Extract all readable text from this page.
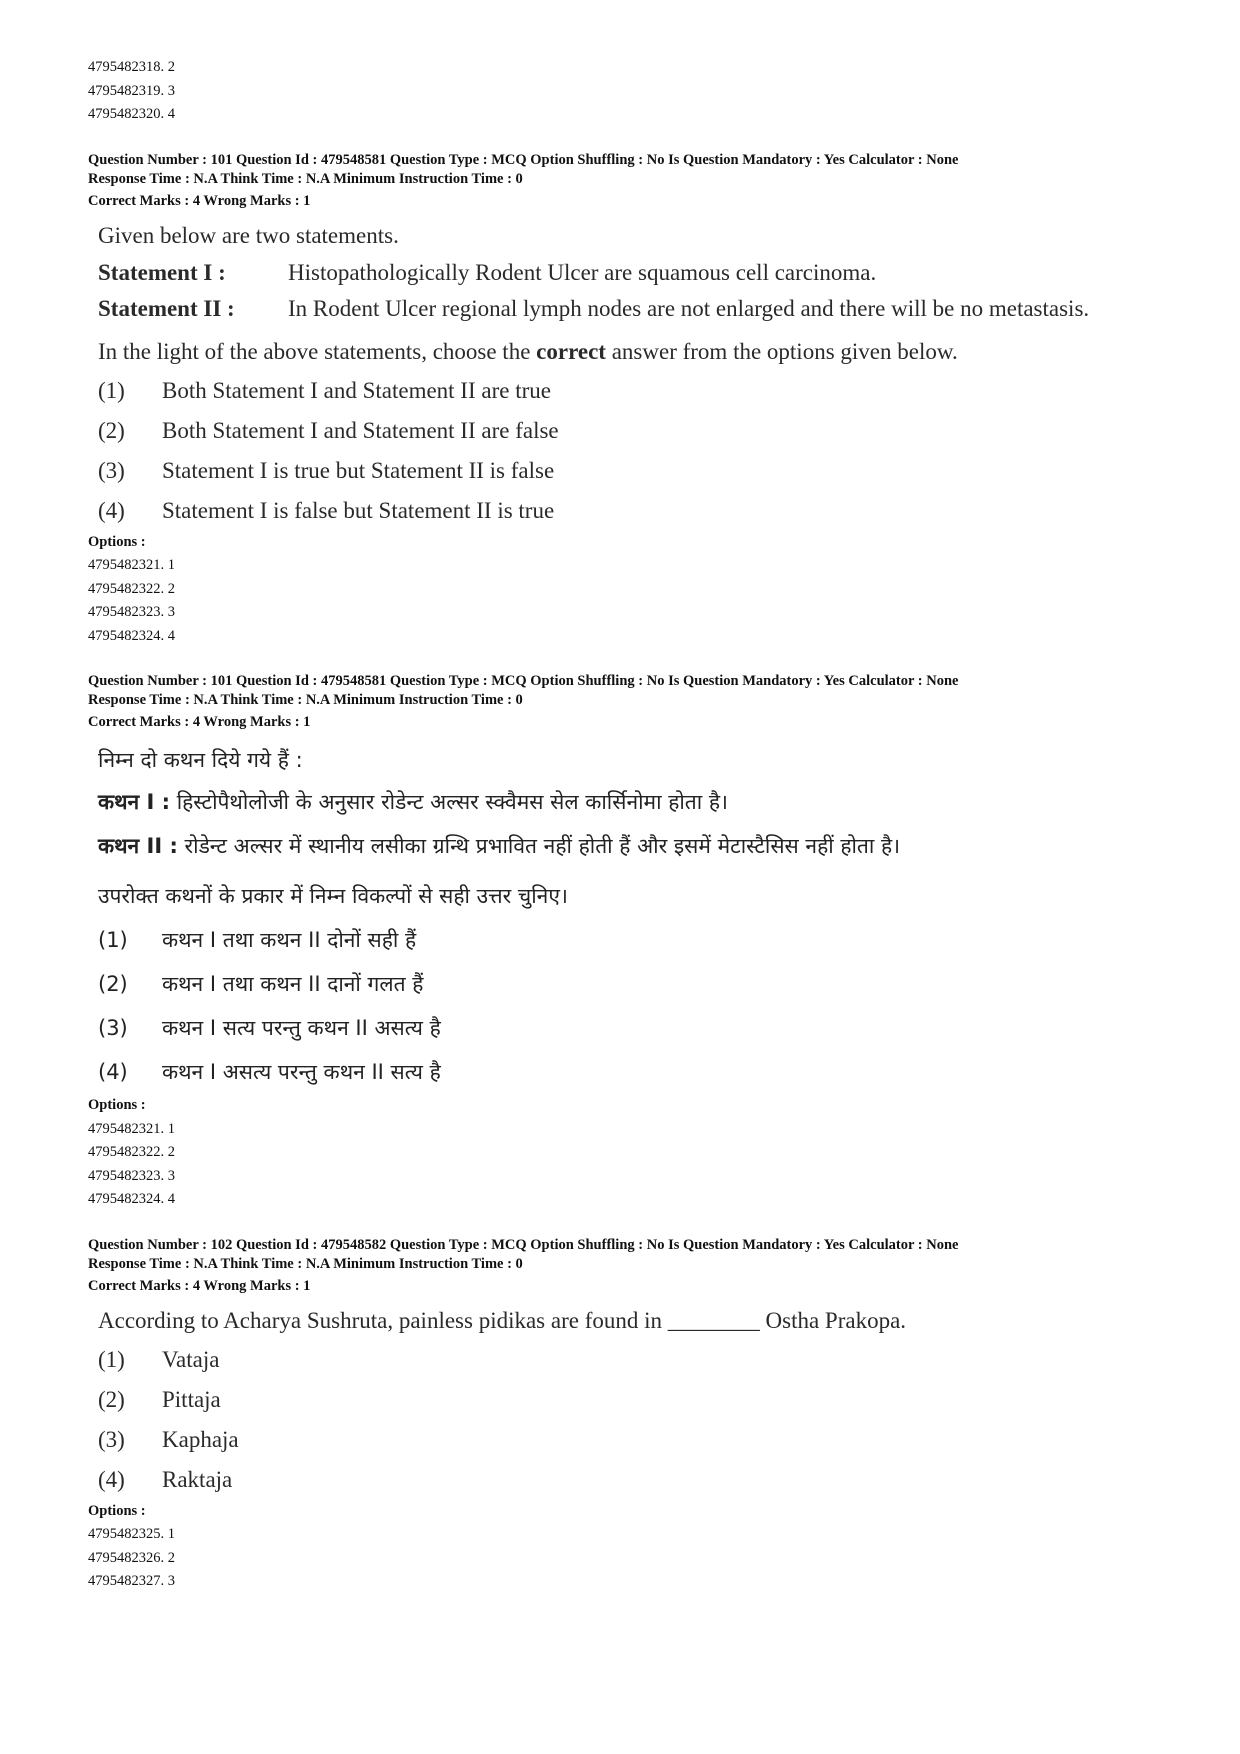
4795482318. 2
4795482319. 3
4795482320. 4
Question Number : 101 Question Id : 479548581 Question Type : MCQ Option Shuffling : No Is Question Mandatory : Yes Calculator : None
Response Time : N.A Think Time : N.A Minimum Instruction Time : 0
Correct Marks : 4 Wrong Marks : 1
Given below are two statements.
Statement I :	Histopathologically Rodent Ulcer are squamous cell carcinoma.
Statement II :	In Rodent Ulcer regional lymph nodes are not enlarged and there will be no metastasis.
In the light of the above statements, choose the correct answer from the options given below.
(1)	Both Statement I and Statement II are true
(2)	Both Statement I and Statement II are false
(3)	Statement I is true but Statement II is false
(4)	Statement I is false but Statement II is true
Options :
4795482321. 1
4795482322. 2
4795482323. 3
4795482324. 4
Question Number : 101 Question Id : 479548581 Question Type : MCQ Option Shuffling : No Is Question Mandatory : Yes Calculator : None
Response Time : N.A Think Time : N.A Minimum Instruction Time : 0
Correct Marks : 4 Wrong Marks : 1
निम्न दो कथन दिये गये हैं :
कथन I : हिस्टोपैथोलोजी के अनुसार रोडेन्ट अल्सर स्क्वैमस सेल कार्सिनोमा होता है।
कथन II : रोडेन्ट अल्सर में स्थानीय लसीका ग्रन्थि प्रभावित नहीं होती हैं और इसमें मेटास्टैसिस नहीं होता है।
उपरोक्त कथनों के प्रकार में निम्न विकल्पों से सही उत्तर चुनिए।
(1)	कथन I तथा कथन II दोनों सही हैं
(2)	कथन I तथा कथन II दानों गलत हैं
(3)	कथन I सत्य परन्तु कथन II असत्य है
(4)	कथन I असत्य परन्तु कथन II सत्य है
Options :
4795482321. 1
4795482322. 2
4795482323. 3
4795482324. 4
Question Number : 102 Question Id : 479548582 Question Type : MCQ Option Shuffling : No Is Question Mandatory : Yes Calculator : None
Response Time : N.A Think Time : N.A Minimum Instruction Time : 0
Correct Marks : 4 Wrong Marks : 1
According to Acharya Sushruta, painless pidikas are found in ________ Ostha Prakopa.
(1)	Vataja
(2)	Pittaja
(3)	Kaphaja
(4)	Raktaja
Options :
4795482325. 1
4795482326. 2
4795482327. 3
